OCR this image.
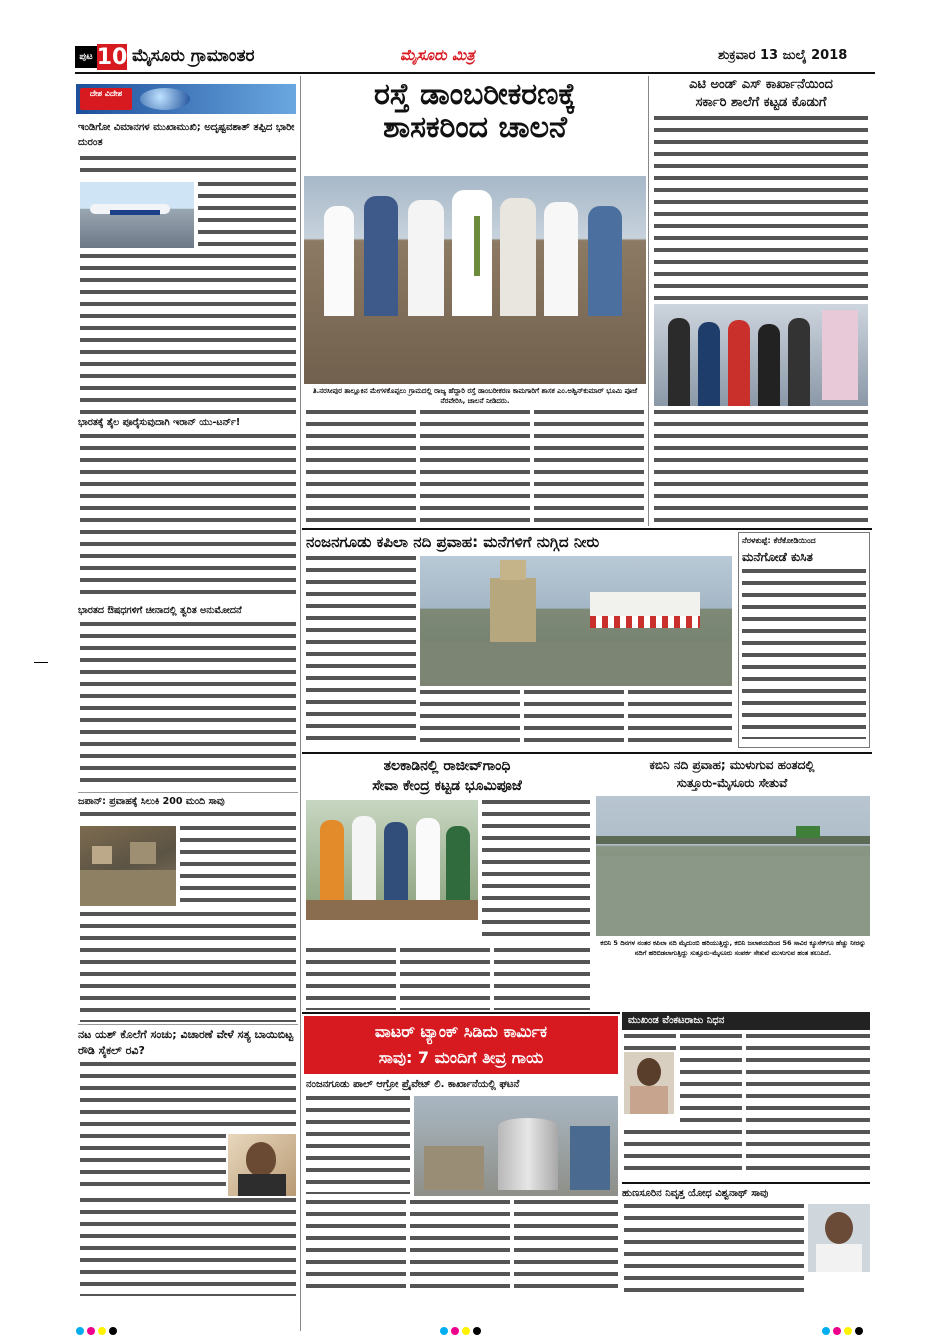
ಪುಟ 10 ಮೈಸೂರು ಗ್ರಾಮಾಂತರ	ಮೈಸೂರು ಮಿತ್ರ	ಶುಕ್ರವಾರ 13 ಜುಲೈ 2018
ದೇಶ ವಿದೇಶ
ಇಂಡಿಗೋ ವಿಮಾನಗಳ ಮುಖಾಮುಖಿ; ಅದೃಷ್ಟವಶಾತ್ ತಪ್ಪಿದ ಭಾರೀ ದುರಂತ
ಭಾರತಕ್ಕೆ ತೈಲ ಪೂರೈಸುವುದಾಗಿ ಇರಾನ್ ಯು-ಟರ್ನ್!
ಭಾರತದ ಔಷಧಗಳಿಗೆ ಚೀನಾದಲ್ಲಿ ತ್ವರಿತ ಅನುಮೋದನೆ
ಜಪಾನ್: ಪ್ರವಾಹಕ್ಕೆ ಸಿಲುಕಿ 200 ಮಂದಿ ಸಾವು
ನಟ ಯಶ್ ಕೊಲೆಗೆ ಸಂಚು; ವಿಚಾರಣೆ ವೇಳೆ ಸತ್ಯ ಬಾಯಿಬಿಟ್ಟ ರೌಡಿ ಸೈಕಲ್ ರವಿ?
ರಸ್ತೆ ಡಾಂಬರೀಕರಣಕ್ಕೆ
ಶಾಸಕರಿಂದ ಚಾಲನೆ
ತಿ.ನರಸೀಪುರ ತಾಲ್ಲೂಕಿನ ಮೇಗಳಕೊಪ್ಪಲು ಗ್ರಾಮದಲ್ಲಿ ರಾಜ್ಯ ಹೆದ್ದಾರಿ ರಸ್ತೆ ಡಾಂಬರೀಕರಣ ಕಾಮಗಾರಿಗೆ ಶಾಸಕ ಎಂ.ಅಶ್ವಿನ್‌ಕುಮಾರ್ ಭೂಮಿ ಪೂಜೆ ನೆರವೇರಿಸಿ, ಚಾಲನೆ ನೀಡಿದರು.
ಎಟಿ ಅಂಡ್ ಎಸ್ ಕಾರ್ಖಾನೆಯಿಂದ
ಸರ್ಕಾರಿ ಶಾಲೆಗೆ ಕಟ್ಟಡ ಕೊಡುಗೆ
ನಂಜನಗೂಡು ಕಪಿಲಾ ನದಿ ಪ್ರವಾಹ: ಮನೆಗಳಿಗೆ ನುಗ್ಗಿದ ನೀರು	ನೆರಳಕುಪ್ಪೆ: ಕೆರೆಕೋಡಿಯಿಂದ
ಮನೆಗೋಡೆ ಕುಸಿತ
ತಲಕಾಡಿನಲ್ಲಿ ರಾಜೀವ್‌ಗಾಂಧಿ
ಸೇವಾ ಕೇಂದ್ರ ಕಟ್ಟಡ ಭೂಮಿಪೂಜೆ
ಕಬಿನಿ ನದಿ ಪ್ರವಾಹ; ಮುಳುಗುವ ಹಂತದಲ್ಲಿ
ಸುತ್ತೂರು-ಮೈಸೂರು ಸೇತುವೆ
ಕಬಿನಿ 5 ದಿನಗಳ ನಂತರ ಕಪಿಲಾ ನದಿ ಮೈದುಂಬಿ ಹರಿಯುತ್ತಿದ್ದು, ಕಬಿನಿ ಜಲಾಶಯದಿಂದ 56 ಸಾವಿರ ಕ್ಯೂಸೆಕ್‌ಗೂ ಹೆಚ್ಚು ನೀರನ್ನು ನದಿಗೆ ಹರಿಬಿಡಲಾಗುತ್ತಿದ್ದು ಸುತ್ತೂರು-ಮೈಸೂರು ಸಂಪರ್ಕ ಸೇತುವೆ ಮುಳುಗುವ ಹಂತ ತಲುಪಿದೆ.
ವಾಟರ್ ಟ್ಯಾಂಕ್ ಸಿಡಿದು ಕಾರ್ಮಿಕ
ಸಾವು: 7 ಮಂದಿಗೆ ತೀವ್ರ ಗಾಯ
ನಂಜನಗೂಡು ಪಾಲ್ ಆಗ್ರೋ ಪ್ರೈವೇಟ್ ಲಿ. ಕಾರ್ಖಾನೆಯಲ್ಲಿ ಘಟನೆ
ಮುಖಂಡ ವೆಂಕಟರಾಜು ನಿಧನ
ಹುಣಸೂರಿನ ನಿವೃತ್ತ ಯೋಧ ವಿಶ್ವನಾಥ್ ಸಾವು
